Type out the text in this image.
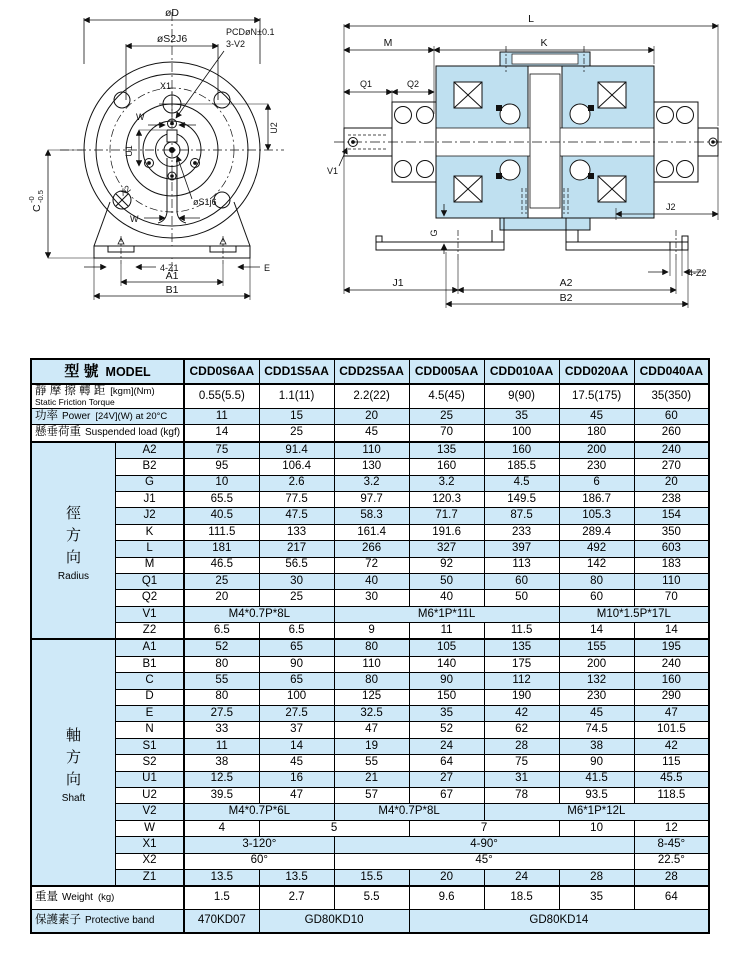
øD
øS2J6
PCDøN±0.1
3-V2
X1
W
U1
U2
øS1j6
C
-0 -0.5	X2
W
4-Z1
A1
B1
E
L
M	K
Q1	Q2
V1
G
J2
4-Z2
J1	A2
B2
型 號 MODEL		CDD0S6AA	CDD1S5AA	CDD2S5AA	CDD005AA	CDD010AA	CDD020AA	CDD040AA

靜 摩 擦 轉 距 [kgm](Nm)
Static Friction Torque		0.55(5.5)	1.1(11)	2.2(22)	4.5(45)	9(90)	17.5(175)	35(350)
功率 Power [24V](W) at 20°C		11	15	20	25	35	45	60
懸垂荷重 Suspended load (kgf)		14	25	45	70	100	180	260

徑
方
向
Radius	A2	75	91.4	110	135	160	200	240
	B2	95	106.4	130	160	185.5	230	270
	G	10	2.6	3.2	3.2	4.5	6	20
	J1	65.5	77.5	97.7	120.3	149.5	186.7	238
	J2	40.5	47.5	58.3	71.7	87.5	105.3	154
	K	111.5	133	161.4	191.6	233	289.4	350
	L	181	217	266	327	397	492	603
	M	46.5	56.5	72	92	113	142	183
	Q1	25	30	40	50	60	80	110
	Q2	20	25	30	40	50	60	70
	V1	M4*0.7P*8L		M6*1P*11L			M10*1.5P*17L	
	Z2	6.5	6.5	9	11	11.5	14	14

軸
方
向
Shaft	A1	52	65	80	105	135	155	195
	B1	80	90	110	140	175	200	240
	C	55	65	80	90	112	132	160
	D	80	100	125	150	190	230	290
	E	27.5	27.5	32.5	35	42	45	47
	N	33	37	47	52	62	74.5	101.5
	S1	11	14	19	24	28	38	42
	S2	38	45	55	64	75	90	115
	U1	12.5	16	21	27	31	41.5	45.5
	U2	39.5	47	57	67	78	93.5	118.5
	V2	M4*0.7P*6L		M4*0.7P*8L		M6*1P*12L		
	W	4	5		7		10	12
	X1	3-120°		4-90°				8-45°
	X2	60°		45°				22.5°
	Z1	13.5	13.5	15.5	20	24	28	28
重量 Weight (kg)		1.5	2.7	5.5	9.6	18.5	35	64
保護素子 Protective band		470KD07	GD80KD10		GD80KD14			
